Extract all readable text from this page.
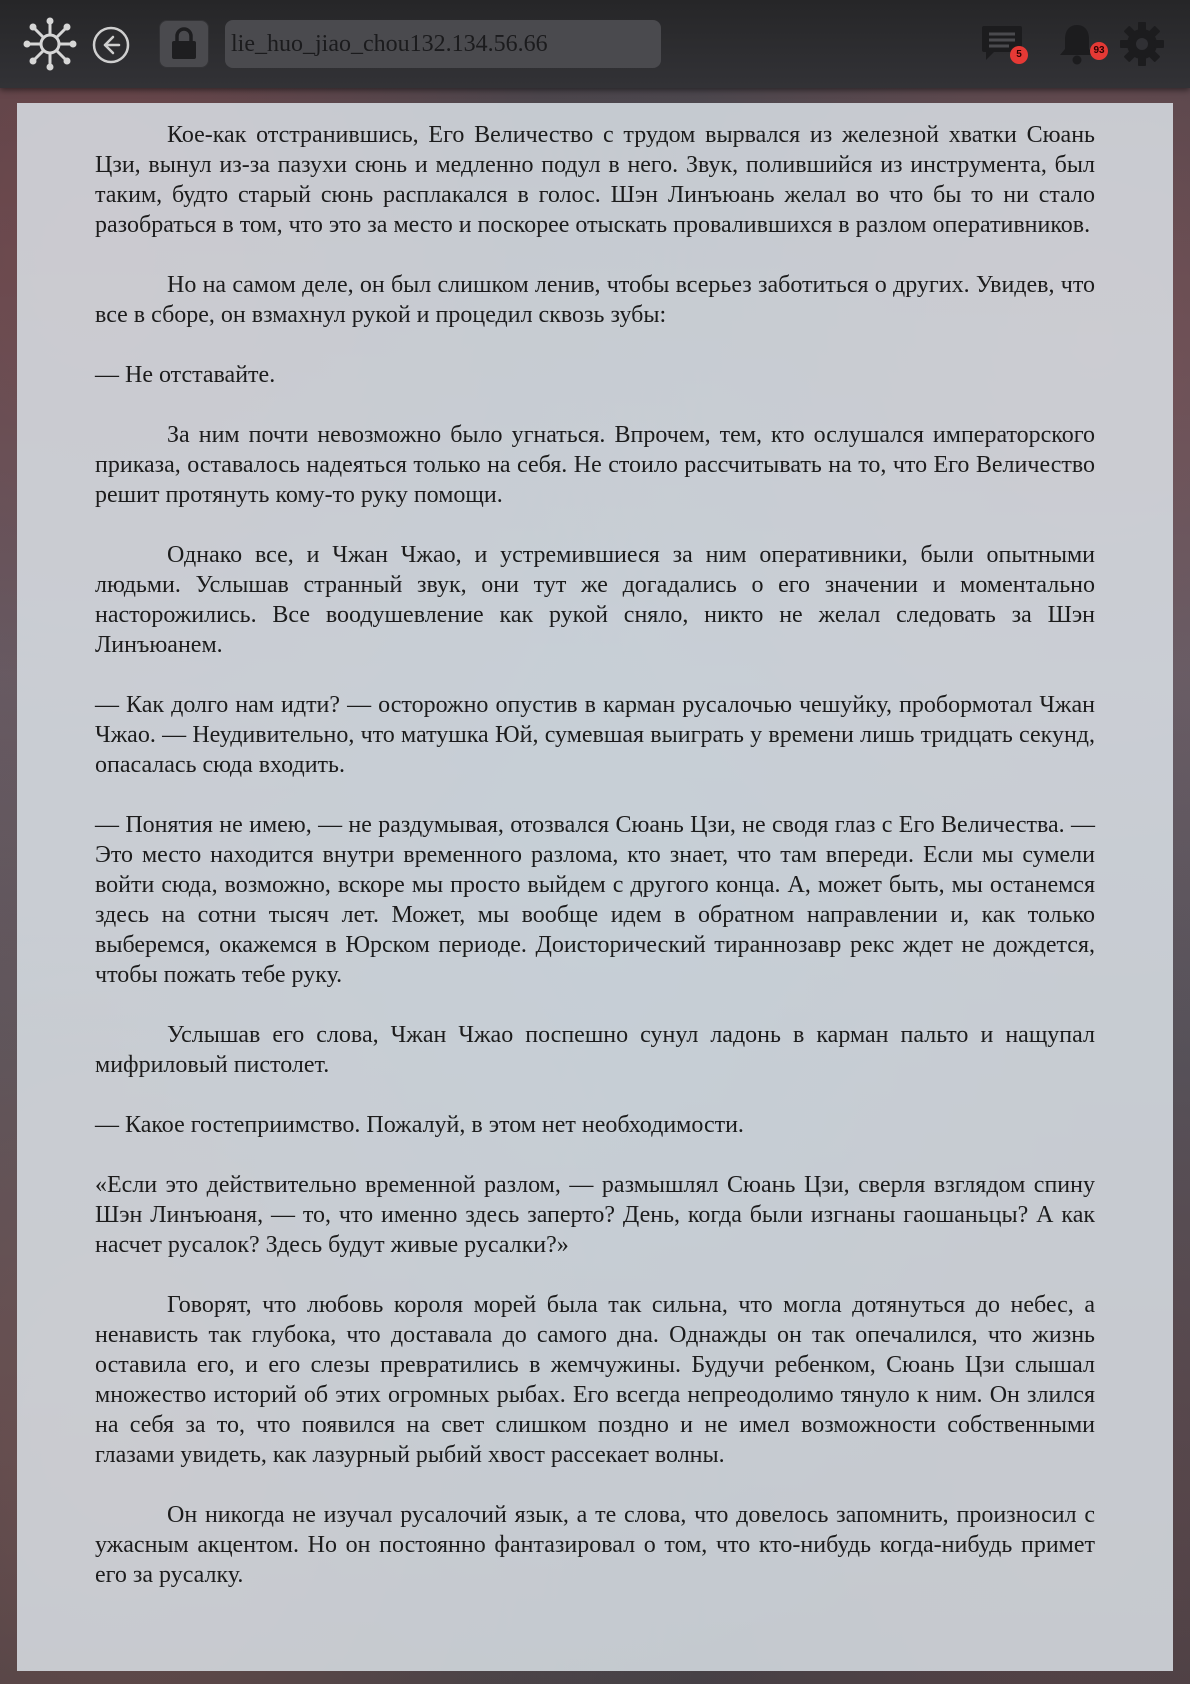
lie_huo_jiao_chou132.134.56.66
5	93

Кое-как отстранившись, Его Величество с трудом вырвался из железной хватки Сюань Цзи, вынул из-за пазухи сюнь и медленно подул в него. Звук, полившийся из инструмента, был таким, будто старый сюнь расплакался в голос. Шэн Линъюань желал во что бы то ни стало разобраться в том, что это за место и поскорее отыскать провалившихся в разлом оперативников.

Но на самом деле, он был слишком ленив, чтобы всерьез заботиться о других. Увидев, что все в сборе, он взмахнул рукой и процедил сквозь зубы:

— Не отставайте.

За ним почти невозможно было угнаться. Впрочем, тем, кто ослушался императорского приказа, оставалось надеяться только на себя. Не стоило рассчитывать на то, что Его Величество решит протянуть кому-то руку помощи.

Однако все, и Чжан Чжао, и устремившиеся за ним оперативники, были опытными людьми. Услышав странный звук, они тут же догадались о его значении и моментально насторожились. Все воодушевление как рукой сняло, никто не желал следовать за Шэн Линъюанем.

— Как долго нам идти? — осторожно опустив в карман русалочью чешуйку, пробормотал Чжан Чжао. — Неудивительно, что матушка Юй, сумевшая выиграть у времени лишь тридцать секунд, опасалась сюда входить.

— Понятия не имею, — не раздумывая, отозвался Сюань Цзи, не сводя глаз с Его Величества. — Это место находится внутри временного разлома, кто знает, что там впереди. Если мы сумели войти сюда, возможно, вскоре мы просто выйдем с другого конца. А, может быть, мы останемся здесь на сотни тысяч лет. Может, мы вообще идем в обратном направлении и, как только выберемся, окажемся в Юрском периоде. Доисторический тираннозавр рекс ждет не дождется, чтобы пожать тебе руку.

Услышав его слова, Чжан Чжао поспешно сунул ладонь в карман пальто и нащупал мифриловый пистолет.

— Какое гостеприимство. Пожалуй, в этом нет необходимости.

«Если это действительно временной разлом, — размышлял Сюань Цзи, сверля взглядом спину Шэн Линъюаня, — то, что именно здесь заперто? День, когда были изгнаны гаошаньцы? А как насчет русалок? Здесь будут живые русалки?»

Говорят, что любовь короля морей была так сильна, что могла дотянуться до небес, а ненависть так глубока, что доставала до самого дна. Однажды он так опечалился, что жизнь оставила его, и его слезы превратились в жемчужины. Будучи ребенком, Сюань Цзи слышал множество историй об этих огромных рыбах. Его всегда непреодолимо тянуло к ним. Он злился на себя за то, что появился на свет слишком поздно и не имел возможности собственными глазами увидеть, как лазурный рыбий хвост рассекает волны.

Он никогда не изучал русалочий язык, а те слова, что довелось запомнить, произносил с ужасным акцентом. Но он постоянно фантазировал о том, что кто-нибудь когда-нибудь примет его за русалку.
